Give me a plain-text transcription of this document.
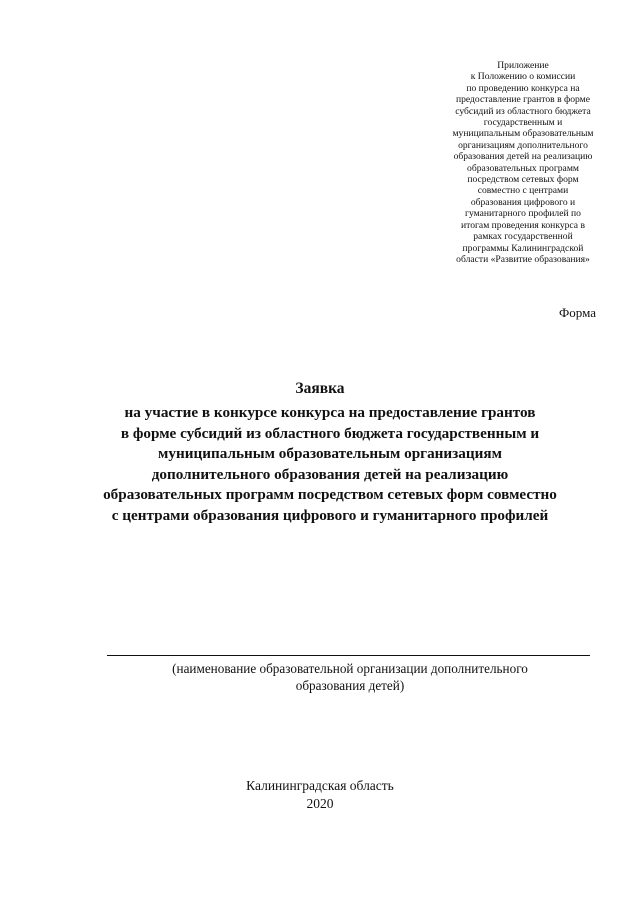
Приложение
к Положению о комиссии
по проведению конкурса на
предоставление грантов в форме
субсидий из областного бюджета
государственным и
муниципальным образовательным
организациям дополнительного
образования детей на реализацию
образовательных программ
посредством сетевых форм
совместно с центрами
образования цифрового и
гуманитарного профилей по
итогам проведения конкурса в
рамках государственной
программы Калининградской
области «Развитие образования»
Форма
Заявка
на участие в конкурсе конкурса на предоставление грантов
в форме субсидий из областного бюджета государственным и
муниципальным образовательным организациям
дополнительного образования детей на реализацию
образовательных программ посредством сетевых форм совместно
с центрами образования цифрового и гуманитарного профилей
(наименование образовательной организации дополнительного
образования детей)
Калининградская область
2020
